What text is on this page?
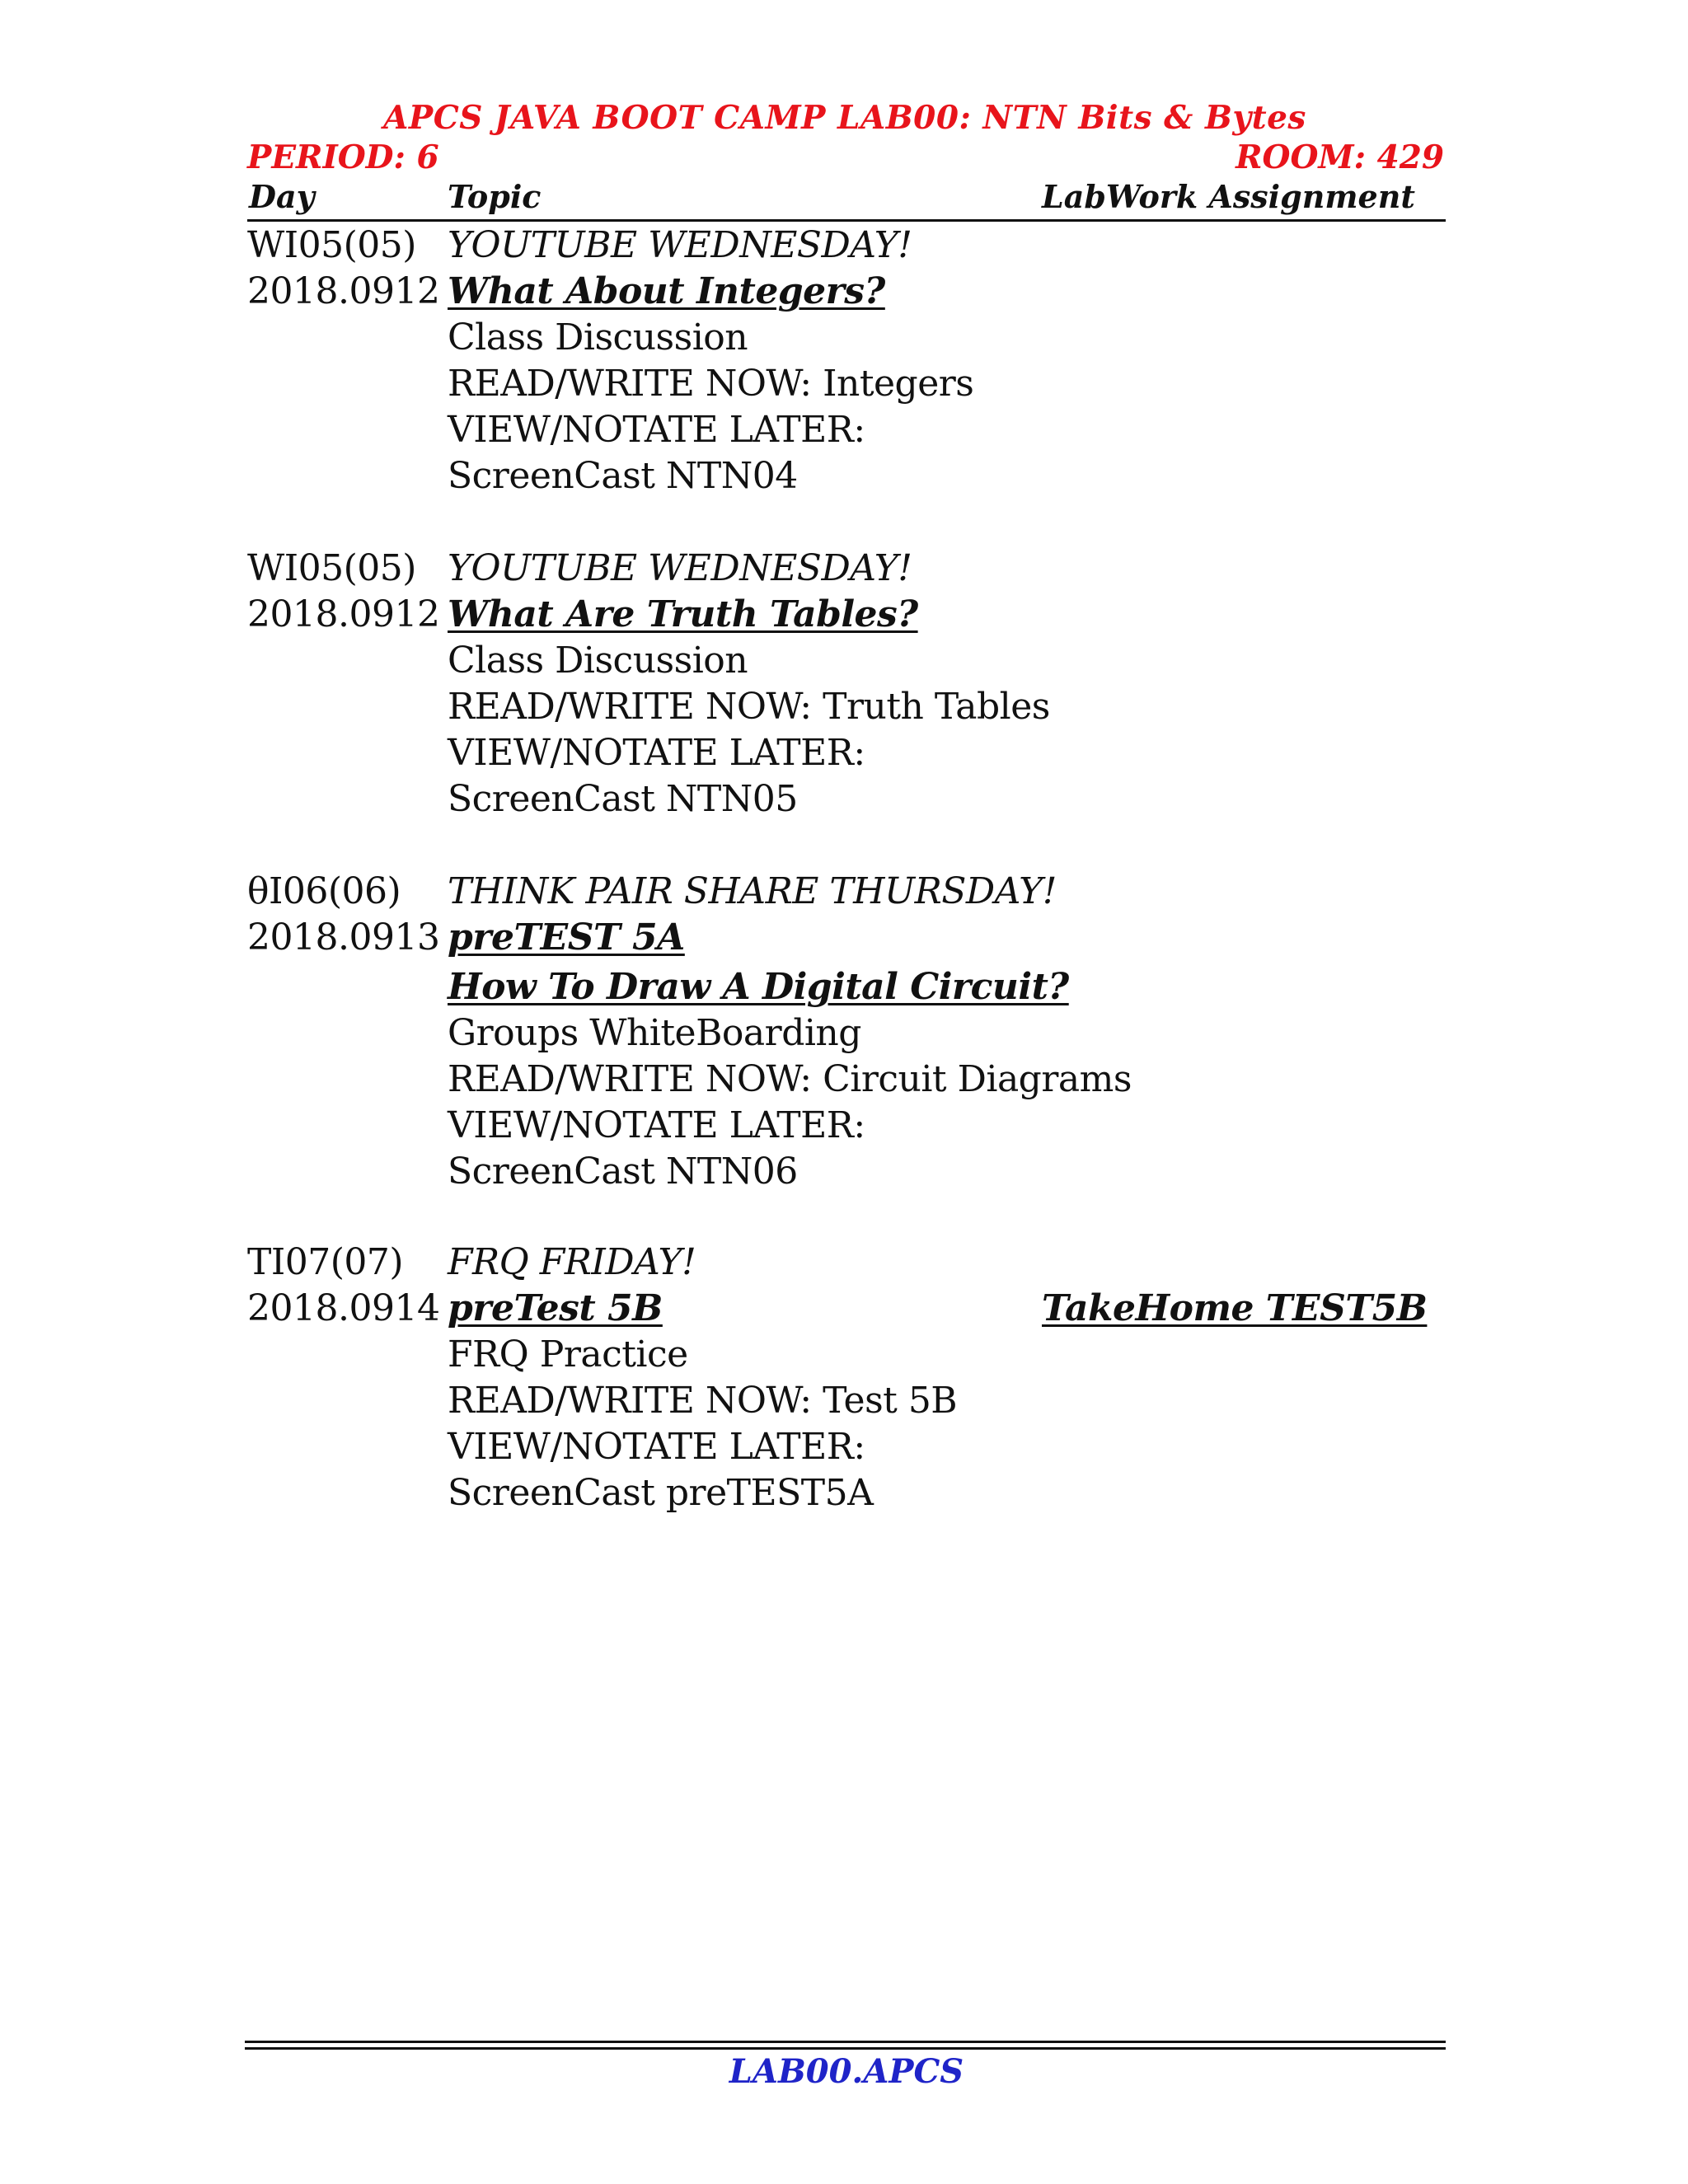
APCS JAVA BOOT CAMP LAB00: NTN Bits & Bytes
PERIOD: 6	ROOM: 429
Day	Topic	LabWork Assignment
WI05(05) YOUTUBE WEDNESDAY!
2018.0912 What About Integers?
Class Discussion
READ/WRITE NOW: Integers
VIEW/NOTATE LATER:
ScreenCast NTN04
WI05(05) YOUTUBE WEDNESDAY!
2018.0912 What Are Truth Tables?
Class Discussion
READ/WRITE NOW: Truth Tables
VIEW/NOTATE LATER:
ScreenCast NTN05
θI06(06) THINK PAIR SHARE THURSDAY!
2018.0913 preTEST 5A
How To Draw A Digital Circuit?
Groups WhiteBoarding
READ/WRITE NOW: Circuit Diagrams
VIEW/NOTATE LATER:
ScreenCast NTN06
TI07(07) FRQ FRIDAY!
2018.0914 preTest 5B	TakeHome TEST5B
FRQ Practice
READ/WRITE NOW: Test 5B
VIEW/NOTATE LATER:
ScreenCast preTEST5A
LAB00.APCS
